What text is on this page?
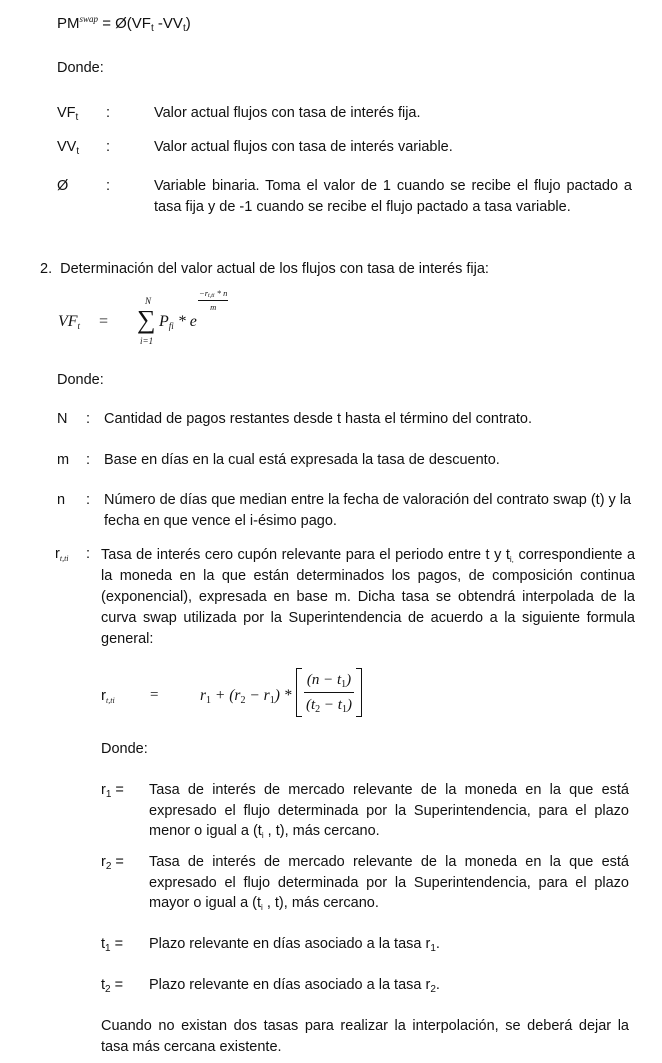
$PM^{swap}$ = $Ø(VF_t$ $-VV_t$)
Donde:
$VF_t$ :	Valor actual flujos con tasa de interés fija.
$VV_t$ :	Valor actual flujos con tasa de interés variable.
Ø	:	Variable binaria. Toma el valor de 1 cuando se recibe el flujo pactado a tasa fija y de -1 cuando se recibe el flujo pactado a tasa variable.
2. Determinación del valor actual de los flujos con tasa de interés fija:
$VF_t$ =
N
∑
i=1
$P_{fi}$ * e
$\frac{-r_{t,ti} * n}{m}$
Donde:
N : Cantidad de pagos restantes desde t hasta el término del contrato.
m : Base en días en la cual está expresada la tasa de descuento.
n : Número de días que median entre la fecha de valoración del contrato swap (t) y la fecha en que vence el i-ésimo pago.
$r_{t,ti}$ : Tasa de interés cero cupón relevante para el periodo entre t y $t_{i,}$ correspondiente a la moneda en la que están determinados los pagos, de composición continua (exponencial), expresada en base m. Dicha tasa se obtendrá interpolada de la curva swap utilizada por la Superintendencia de acuerdo a la siguiente formula general:
$r_{t,ti}$ =	$r_1 + (r_2 - r_1) * \frac{(n - t_1)}{(t_2 - t_1)}$
Donde:
$r_1$ = Tasa de interés de mercado relevante de la moneda en la que está expresado el flujo determinada por la Superintendencia, para el plazo menor o igual a ($t_i$ , t), más cercano.
$r_2$ = Tasa de interés de mercado relevante de la moneda en la que está expresado el flujo determinada por la Superintendencia, para el plazo mayor o igual a ($t_i$ , t), más cercano.
$t_1$ = Plazo relevante en días asociado a la tasa $r_1$.
$t_2$ = Plazo relevante en días asociado a la tasa $r_2$.
Cuando no existan dos tasas para realizar la interpolación, se deberá dejar la tasa más cercana existente.
